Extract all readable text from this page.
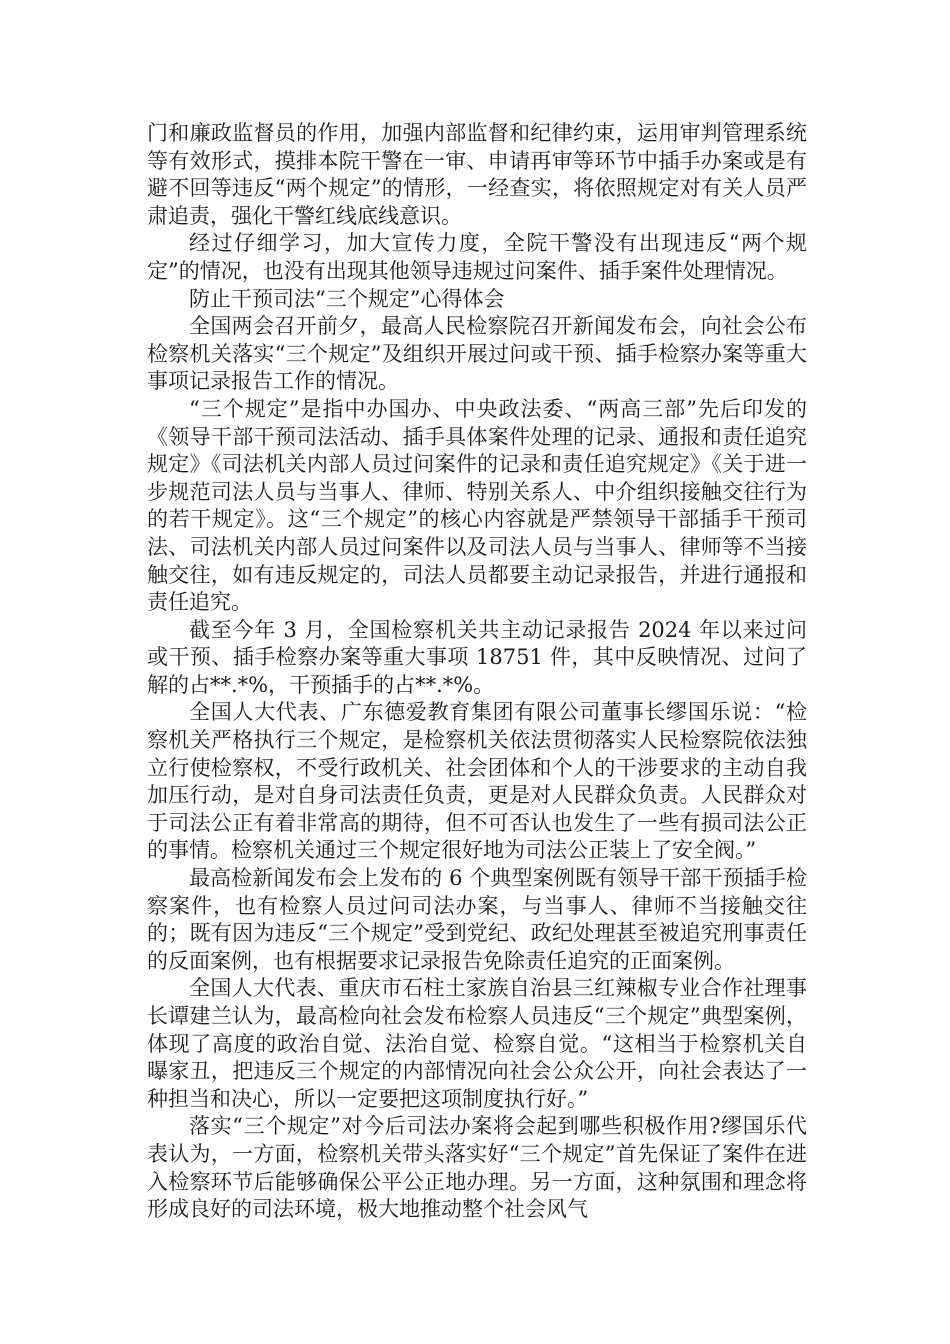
门和廉政监督员的作用，加强内部监督和纪律约束，运用审判管理系统等有效形式，摸排本院干警在一审、申请再审等环节中插手办案或是有避不回等违反“两个规定”的情形，一经查实，将依照规定对有关人员严肃追责，强化干警红线底线意识。

经过仔细学习，加大宣传力度，全院干警没有出现违反“两个规定”的情况，也没有出现其他领导违规过问案件、插手案件处理情况。

防止干预司法“三个规定”心得体会

全国两会召开前夕，最高人民检察院召开新闻发布会，向社会公布检察机关落实“三个规定”及组织开展过问或干预、插手检察办案等重大事项记录报告工作的情况。

“三个规定”是指中办国办、中央政法委、“两高三部”先后印发的《领导干部干预司法活动、插手具体案件处理的记录、通报和责任追究规定》《司法机关内部人员过问案件的记录和责任追究规定》《关于进一步规范司法人员与当事人、律师、特别关系人、中介组织接触交往行为的若干规定》。这“三个规定”的核心内容就是严禁领导干部插手干预司法、司法机关内部人员过问案件以及司法人员与当事人、律师等不当接触交往，如有违反规定的，司法人员都要主动记录报告，并进行通报和责任追究。

截至今年 3 月，全国检察机关共主动记录报告 2024 年以来过问或干预、插手检察办案等重大事项 18751 件，其中反映情况、过问了解的占**.*%，干预插手的占**.*%。

全国人大代表、广东德爱教育集团有限公司董事长缪国乐说：“检察机关严格执行三个规定，是检察机关依法贯彻落实人民检察院依法独立行使检察权，不受行政机关、社会团体和个人的干涉要求的主动自我加压行动，是对自身司法责任负责，更是对人民群众负责。人民群众对于司法公正有着非常高的期待，但不可否认也发生了一些有损司法公正的事情。检察机关通过三个规定很好地为司法公正装上了安全阀。”

最高检新闻发布会上发布的 6 个典型案例既有领导干部干预插手检察案件，也有检察人员过问司法办案，与当事人、律师不当接触交往的；既有因为违反“三个规定”受到党纪、政纪处理甚至被追究刑事责任的反面案例，也有根据要求记录报告免除责任追究的正面案例。

全国人大代表、重庆市石柱土家族自治县三红辣椒专业合作社理事长谭建兰认为，最高检向社会发布检察人员违反“三个规定”典型案例，体现了高度的政治自觉、法治自觉、检察自觉。“这相当于检察机关自曝家丑，把违反三个规定的内部情况向社会公众公开，向社会表达了一种担当和决心，所以一定要把这项制度执行好。”

落实“三个规定”对今后司法办案将会起到哪些积极作用?缪国乐代表认为，一方面，检察机关带头落实好“三个规定”首先保证了案件在进入检察环节后能够确保公平公正地办理。另一方面，这种氛围和理念将形成良好的司法环境，极大地推动整个社会风气
